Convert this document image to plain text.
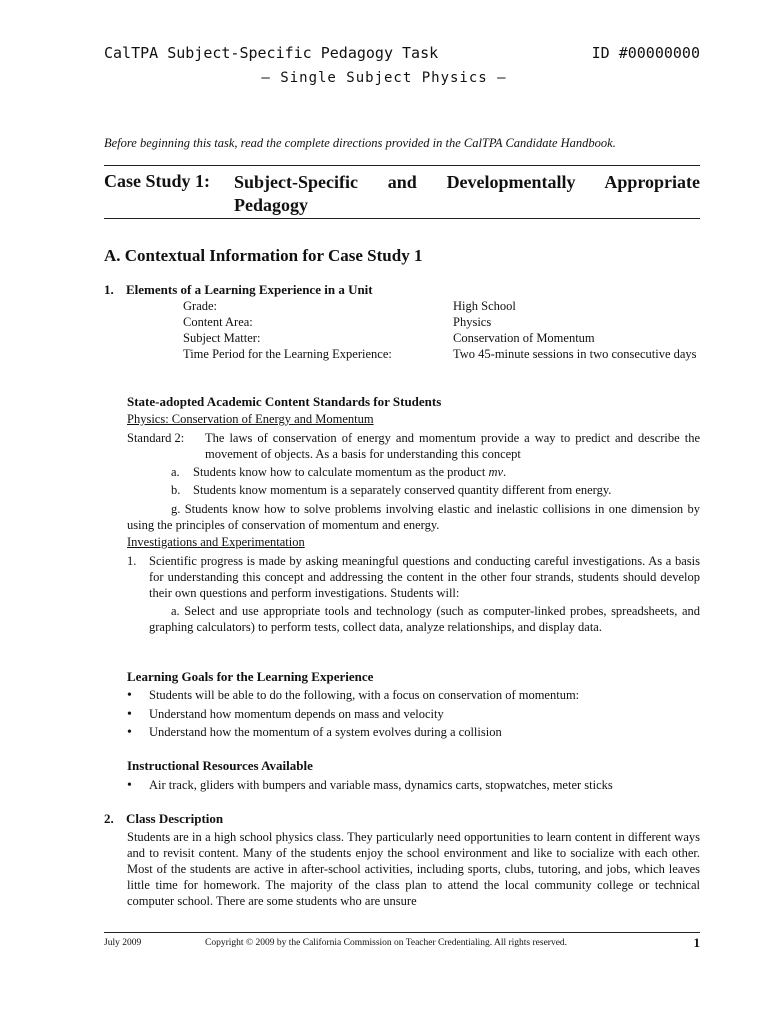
CalTPA Subject-Specific Pedagogy Task	ID #00000000
— Single Subject Physics —
Before beginning this task, read the complete directions provided in the CalTPA Candidate Handbook.
Case Study 1: Subject-Specific and Developmentally Appropriate Pedagogy
A. Contextual Information for Case Study 1
1. Elements of a Learning Experience in a Unit
Grade:	High School
Content Area:	Physics
Subject Matter:	Conservation of Momentum
Time Period for the Learning Experience:	Two 45-minute sessions in two consecutive days
State-adopted Academic Content Standards for Students
Physics: Conservation of Energy and Momentum
Standard 2: The laws of conservation of energy and momentum provide a way to predict and describe the movement of objects. As a basis for understanding this concept
a. Students know how to calculate momentum as the product mv.
b. Students know momentum is a separately conserved quantity different from energy.
g. Students know how to solve problems involving elastic and inelastic collisions in one dimension by using the principles of conservation of momentum and energy.
Investigations and Experimentation
1. Scientific progress is made by asking meaningful questions and conducting careful investigations. As a basis for understanding this concept and addressing the content in the other four strands, students should develop their own questions and perform investigations. Students will:
a. Select and use appropriate tools and technology (such as computer-linked probes, spreadsheets, and graphing calculators) to perform tests, collect data, analyze relationships, and display data.
Learning Goals for the Learning Experience
• Students will be able to do the following, with a focus on conservation of momentum:
• Understand how momentum depends on mass and velocity
• Understand how the momentum of a system evolves during a collision
Instructional Resources Available
• Air track, gliders with bumpers and variable mass, dynamics carts, stopwatches, meter sticks
2. Class Description
Students are in a high school physics class. They particularly need opportunities to learn content in different ways and to revisit content. Many of the students enjoy the school environment and like to socialize with each other. Most of the students are active in after-school activities, including sports, clubs, tutoring, and jobs, which leaves little time for homework. The majority of the class plan to attend the local community college or technical computer school. There are some students who are unsure
July 2009	Copyright © 2009 by the California Commission on Teacher Credentialing. All rights reserved.	1
